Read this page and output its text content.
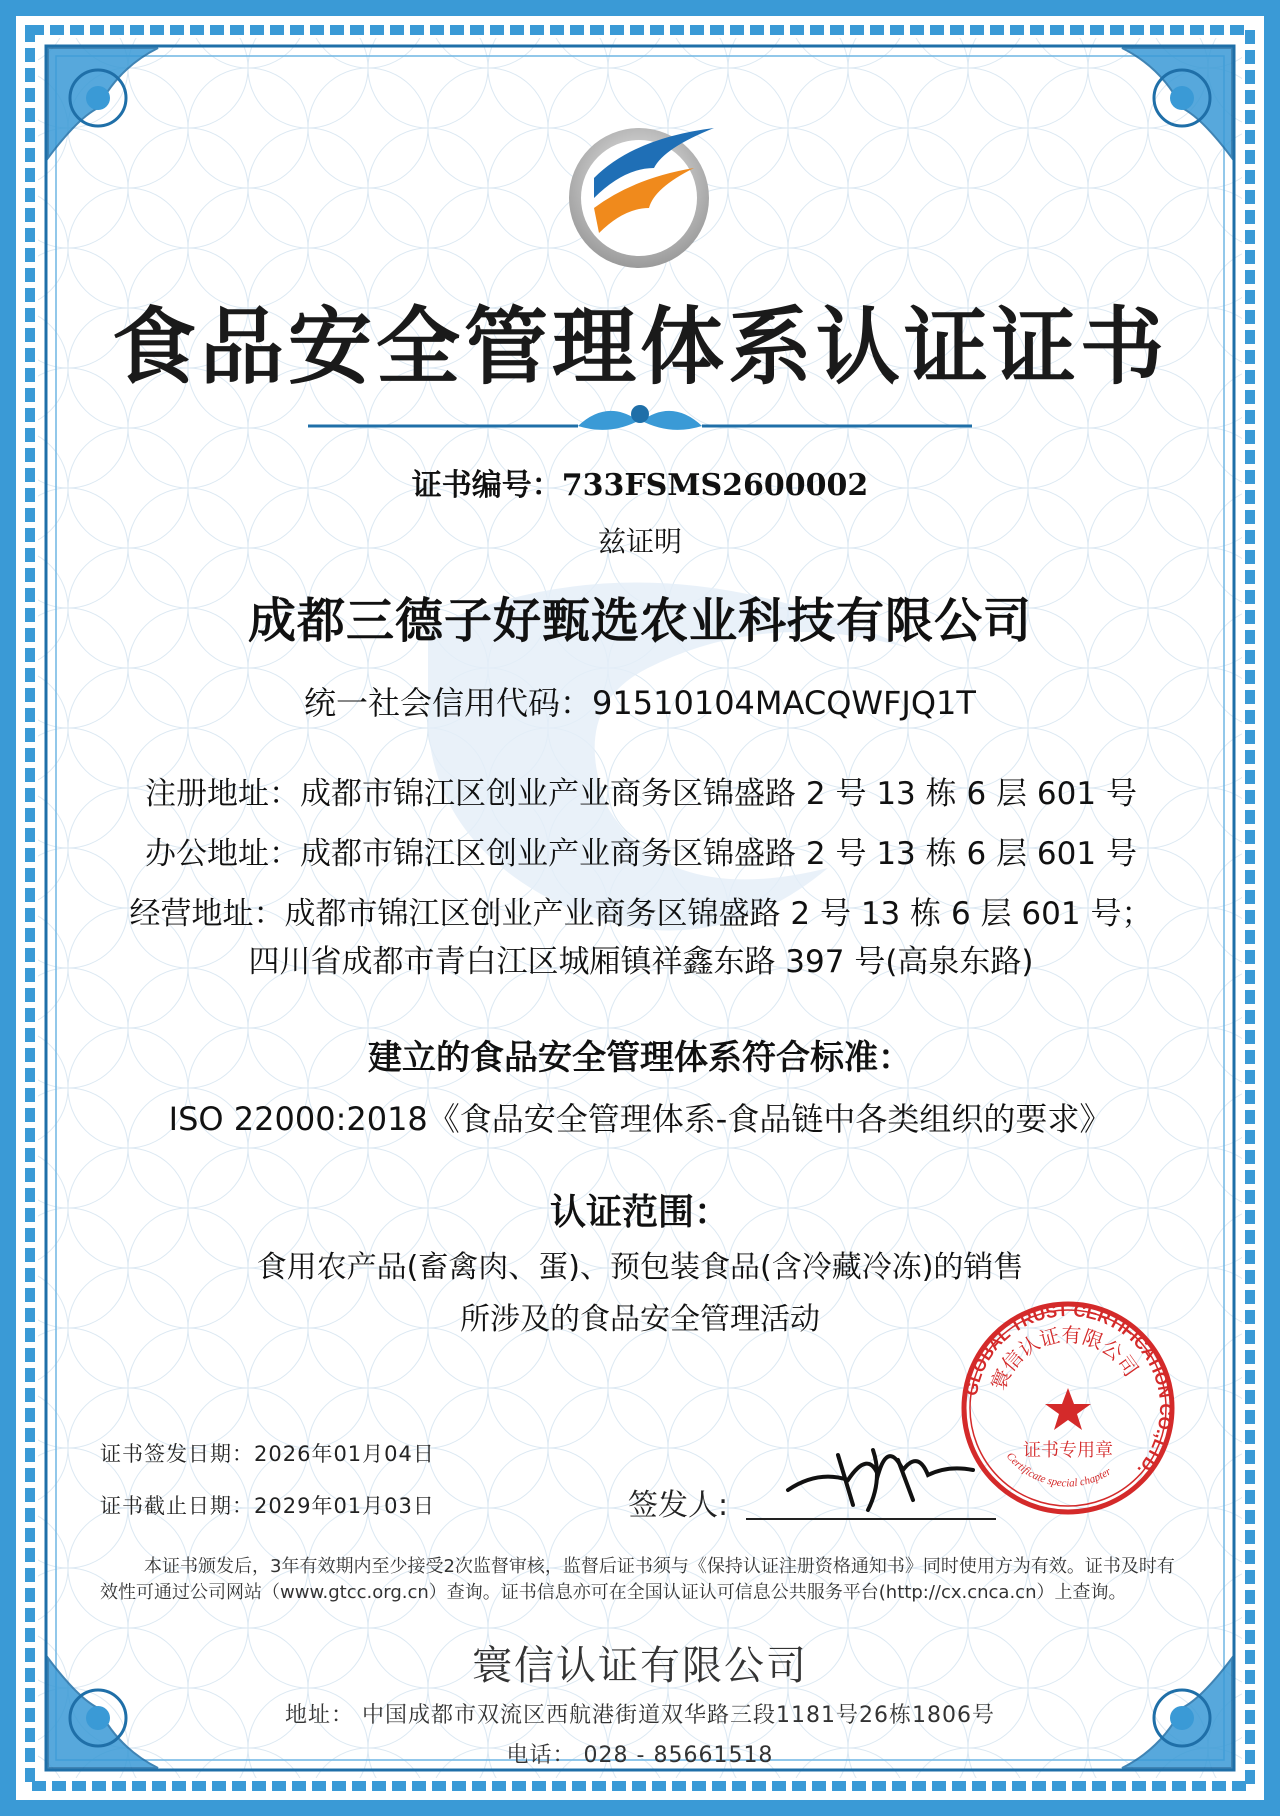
食品安全管理体系认证证书

证书编号：733FSMS2600002

兹证明

成都三德子好甄选农业科技有限公司

统一社会信用代码：91510104MACQWFJQ1T

注册地址：成都市锦江区创业产业商务区锦盛路 2 号 13 栋 6 层 601 号

办公地址：成都市锦江区创业产业商务区锦盛路 2 号 13 栋 6 层 601 号

经营地址：成都市锦江区创业产业商务区锦盛路 2 号 13 栋 6 层 601 号；

四川省成都市青白江区城厢镇祥鑫东路 397 号(高泉东路)

建立的食品安全管理体系符合标准：

ISO 22000:2018《食品安全管理体系-食品链中各类组织的要求》

认证范围：

食用农产品(畜禽肉、蛋)、预包装食品(含冷藏冷冻)的销售
所涉及的食品安全管理活动

证书签发日期：2026年01月04日

证书截止日期：2029年01月03日	签发人:

GLOBAL TRUST CERTIFICATION CO.,LTD.
寰信认证有限公司
证书专用章
Certificate special chapter

本证书颁发后，3年有效期内至少接受2次监督审核，监督后证书须与《保持认证注册资格通知书》同时使用方为有效。证书及时有效性可通过公司网站（www.gtcc.org.cn）查询。证书信息亦可在全国认证认可信息公共服务平台(http://cx.cnca.cn）上查询。

寰信认证有限公司

地址： 中国成都市双流区西航港街道双华路三段1181号26栋1806号

电话： 028 - 85661518
